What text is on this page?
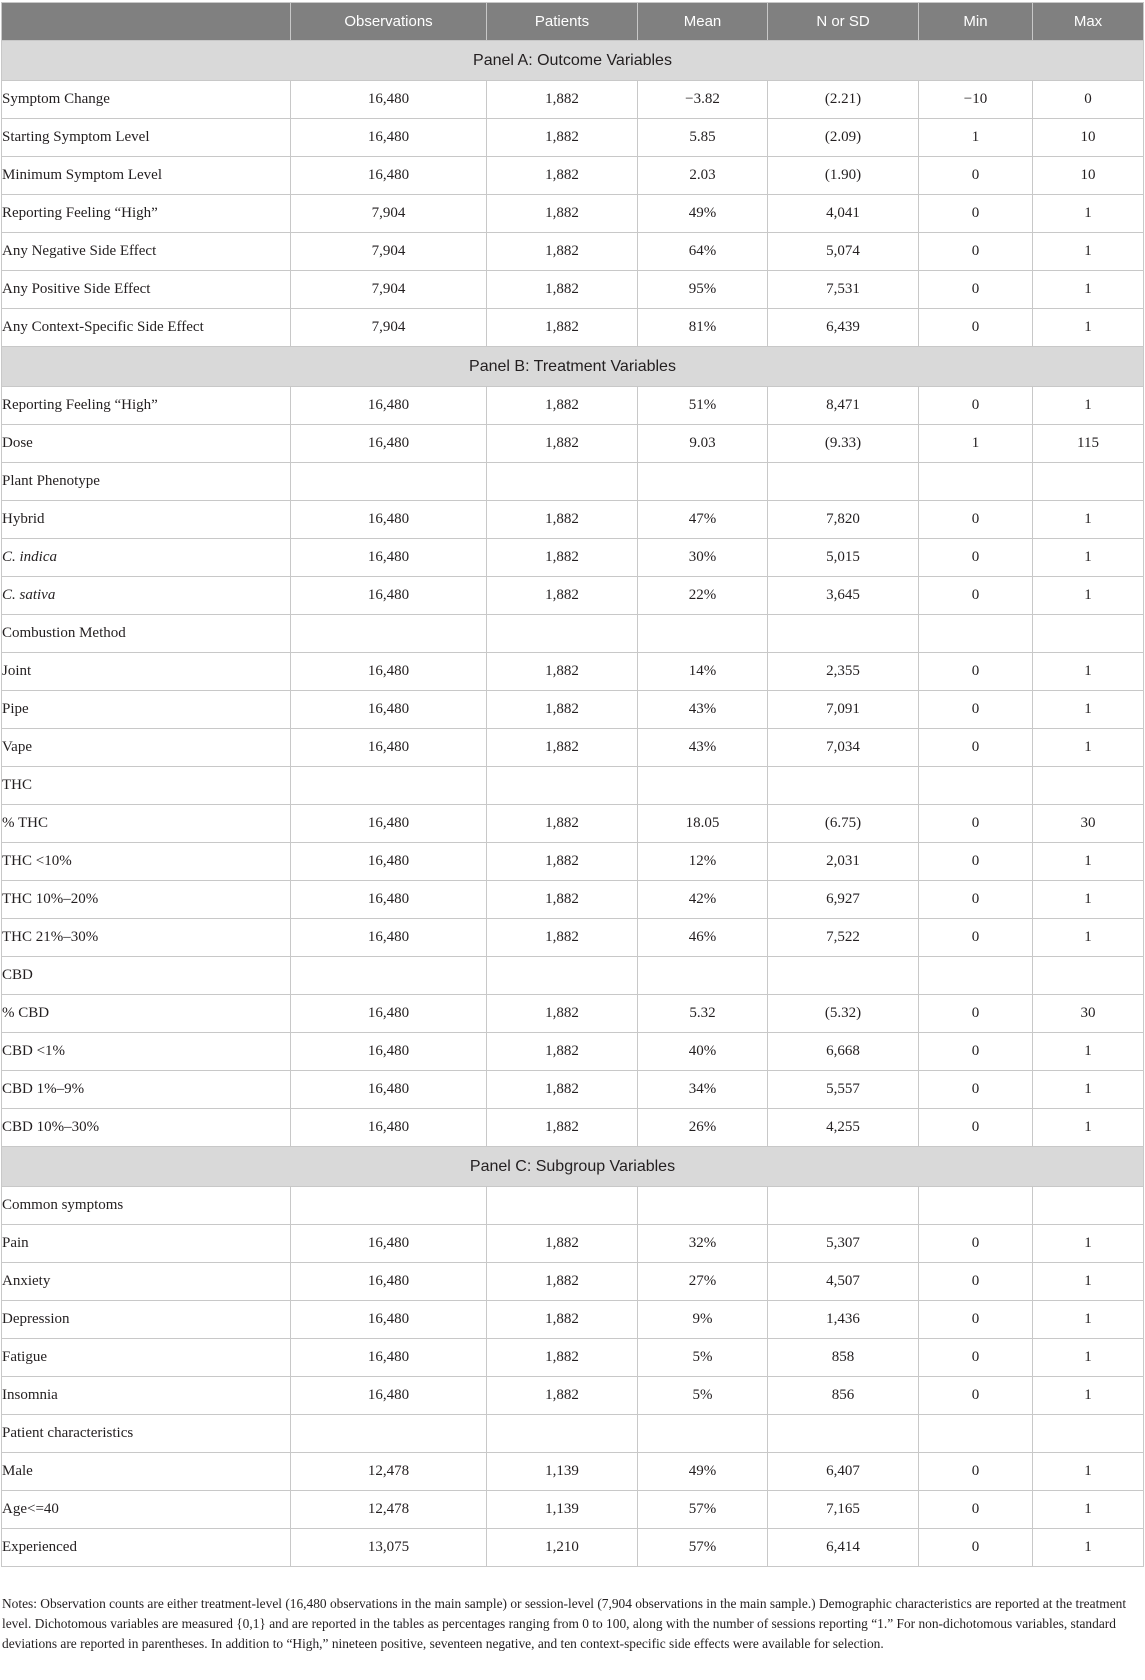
	Observations	Patients	Mean	N or SD	Min	Max
Panel A: Outcome Variables						
Symptom Change	16,480	1,882	−3.82	(2.21)	−10	0
Starting Symptom Level	16,480	1,882	5.85	(2.09)	1	10
Minimum Symptom Level	16,480	1,882	2.03	(1.90)	0	10
Reporting Feeling “High”	7,904	1,882	49%	4,041	0	1
Any Negative Side Effect	7,904	1,882	64%	5,074	0	1
Any Positive Side Effect	7,904	1,882	95%	7,531	0	1
Any Context-Specific Side Effect	7,904	1,882	81%	6,439	0	1
Panel B: Treatment Variables						
Reporting Feeling “High”	16,480	1,882	51%	8,471	0	1
Dose	16,480	1,882	9.03	(9.33)	1	115
Plant Phenotype						
Hybrid	16,480	1,882	47%	7,820	0	1
C. indica	16,480	1,882	30%	5,015	0	1
C. sativa	16,480	1,882	22%	3,645	0	1
Combustion Method						
Joint	16,480	1,882	14%	2,355	0	1
Pipe	16,480	1,882	43%	7,091	0	1
Vape	16,480	1,882	43%	7,034	0	1
THC						
% THC	16,480	1,882	18.05	(6.75)	0	30
THC <10%	16,480	1,882	12%	2,031	0	1
THC 10%–20%	16,480	1,882	42%	6,927	0	1
THC 21%–30%	16,480	1,882	46%	7,522	0	1
CBD						
% CBD	16,480	1,882	5.32	(5.32)	0	30
CBD <1%	16,480	1,882	40%	6,668	0	1
CBD 1%–9%	16,480	1,882	34%	5,557	0	1
CBD 10%–30%	16,480	1,882	26%	4,255	0	1
Panel C: Subgroup Variables						
Common symptoms						
Pain	16,480	1,882	32%	5,307	0	1
Anxiety	16,480	1,882	27%	4,507	0	1
Depression	16,480	1,882	9%	1,436	0	1
Fatigue	16,480	1,882	5%	858	0	1
Insomnia	16,480	1,882	5%	856	0	1
Patient characteristics						
Male	12,478	1,139	49%	6,407	0	1
Age<=40	12,478	1,139	57%	7,165	0	1
Experienced	13,075	1,210	57%	6,414	0	1
Notes: Observation counts are either treatment-level (16,480 observations in the main sample) or session-level (7,904 observations in the main sample.) Demographic characteristics are reported at the treatment level. Dichotomous variables are measured {0,1} and are reported in the tables as percentages ranging from 0 to 100, along with the number of sessions reporting “1.” For non-dichotomous variables, standard deviations are reported in parentheses. In addition to “High,” nineteen positive, seventeen negative, and ten context-specific side effects were available for selection.
